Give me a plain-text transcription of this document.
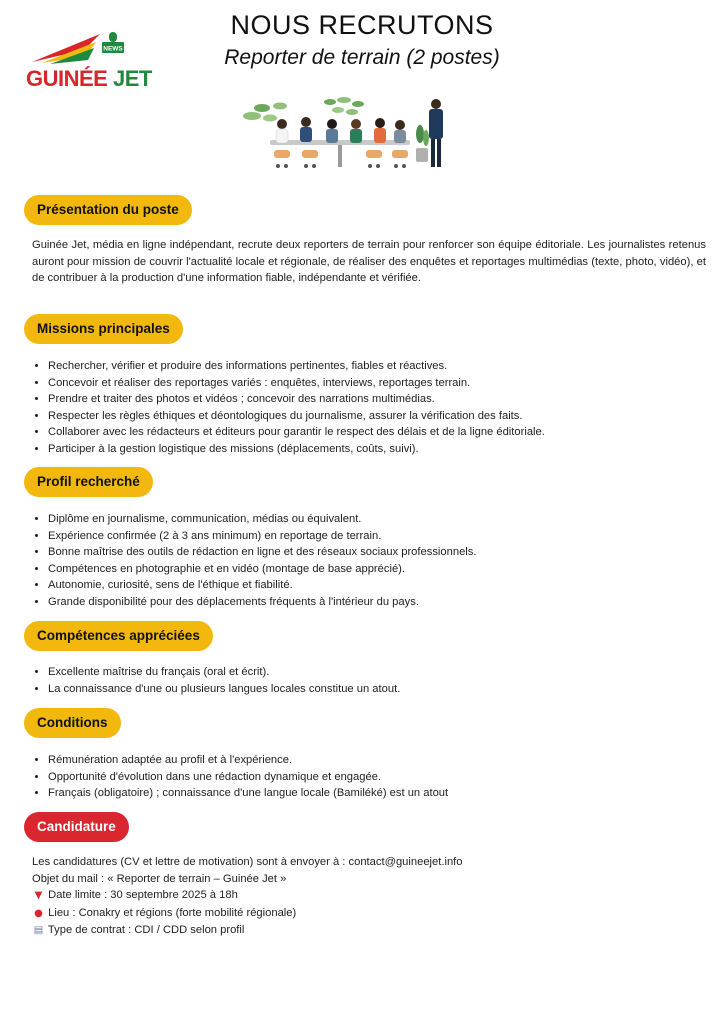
NEWS
GUINÉE JET
NOUS RECRUTONS
Reporter de terrain (2 postes)
Présentation du poste

Guinée Jet, média en ligne indépendant, recrute deux reporters de terrain pour renforcer son équipe éditoriale. Les journalistes retenus auront pour mission de couvrir l'actualité locale et régionale, de réaliser des enquêtes et reportages multimédias (texte, photo, vidéo), et de contribuer à la production d'une information fiable, indépendante et vérifiée.

Missions principales
• Rechercher, vérifier et produire des informations pertinentes, fiables et réactives.
• Concevoir et réaliser des reportages variés : enquêtes, interviews, reportages terrain.
• Prendre et traiter des photos et vidéos ; concevoir des narrations multimédias.
• Respecter les règles éthiques et déontologiques du journalisme, assurer la vérification des faits.
• Collaborer avec les rédacteurs et éditeurs pour garantir le respect des délais et de la ligne éditoriale.
• Participer à la gestion logistique des missions (déplacements, coûts, suivi).
Profil recherché
• Diplôme en journalisme, communication, médias ou équivalent.
• Expérience confirmée (2 à 3 ans minimum) en reportage de terrain.
• Bonne maîtrise des outils de rédaction en ligne et des réseaux sociaux professionnels.
• Compétences en photographie et en vidéo (montage de base apprécié).
• Autonomie, curiosité, sens de l'éthique et fiabilité.
• Grande disponibilité pour des déplacements fréquents à l'intérieur du pays.
Compétences appréciées
• Excellente maîtrise du français (oral et écrit).
• La connaissance d'une ou plusieurs langues locales constitue un atout.
Conditions
• Rémunération adaptée au profil et à l'expérience.
• Opportunité d'évolution dans une rédaction dynamique et engagée.
• Français (obligatoire) ; connaissance d'une langue locale (Bamiléké) est un atout
Candidature
Les candidatures (CV et lettre de motivation) sont à envoyer à : contact@guineejet.info
Objet du mail : « Reporter de terrain – Guinée Jet »
▼ Date limite : 30 septembre 2025 à 18h
● Lieu : Conakry et régions (forte mobilité régionale)
▤ Type de contrat : CDI / CDD selon profil
